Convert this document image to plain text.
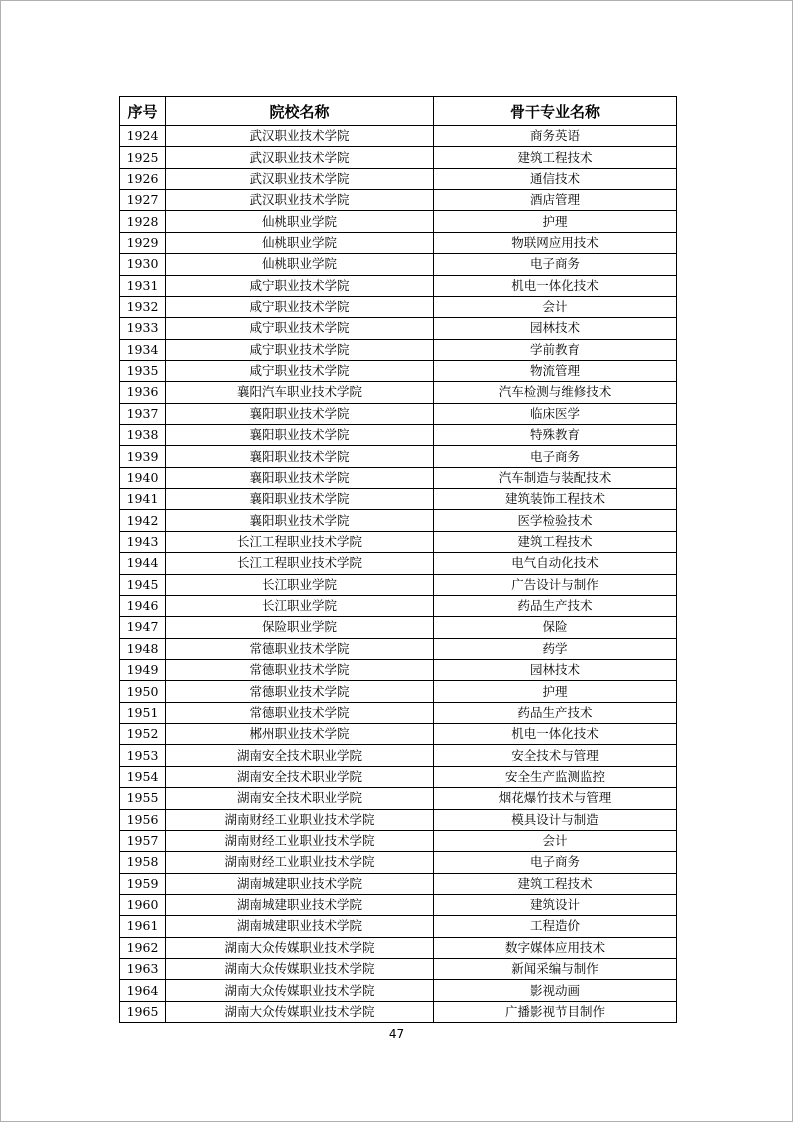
序号	院校名称	骨干专业名称
1924	武汉职业技术学院	商务英语
1925	武汉职业技术学院	建筑工程技术
1926	武汉职业技术学院	通信技术
1927	武汉职业技术学院	酒店管理
1928	仙桃职业学院	护理
1929	仙桃职业学院	物联网应用技术
1930	仙桃职业学院	电子商务
1931	咸宁职业技术学院	机电一体化技术
1932	咸宁职业技术学院	会计
1933	咸宁职业技术学院	园林技术
1934	咸宁职业技术学院	学前教育
1935	咸宁职业技术学院	物流管理
1936	襄阳汽车职业技术学院	汽车检测与维修技术
1937	襄阳职业技术学院	临床医学
1938	襄阳职业技术学院	特殊教育
1939	襄阳职业技术学院	电子商务
1940	襄阳职业技术学院	汽车制造与装配技术
1941	襄阳职业技术学院	建筑装饰工程技术
1942	襄阳职业技术学院	医学检验技术
1943	长江工程职业技术学院	建筑工程技术
1944	长江工程职业技术学院	电气自动化技术
1945	长江职业学院	广告设计与制作
1946	长江职业学院	药品生产技术
1947	保险职业学院	保险
1948	常德职业技术学院	药学
1949	常德职业技术学院	园林技术
1950	常德职业技术学院	护理
1951	常德职业技术学院	药品生产技术
1952	郴州职业技术学院	机电一体化技术
1953	湖南安全技术职业学院	安全技术与管理
1954	湖南安全技术职业学院	安全生产监测监控
1955	湖南安全技术职业学院	烟花爆竹技术与管理
1956	湖南财经工业职业技术学院	模具设计与制造
1957	湖南财经工业职业技术学院	会计
1958	湖南财经工业职业技术学院	电子商务
1959	湖南城建职业技术学院	建筑工程技术
1960	湖南城建职业技术学院	建筑设计
1961	湖南城建职业技术学院	工程造价
1962	湖南大众传媒职业技术学院	数字媒体应用技术
1963	湖南大众传媒职业技术学院	新闻采编与制作
1964	湖南大众传媒职业技术学院	影视动画
1965	湖南大众传媒职业技术学院	广播影视节目制作
47
